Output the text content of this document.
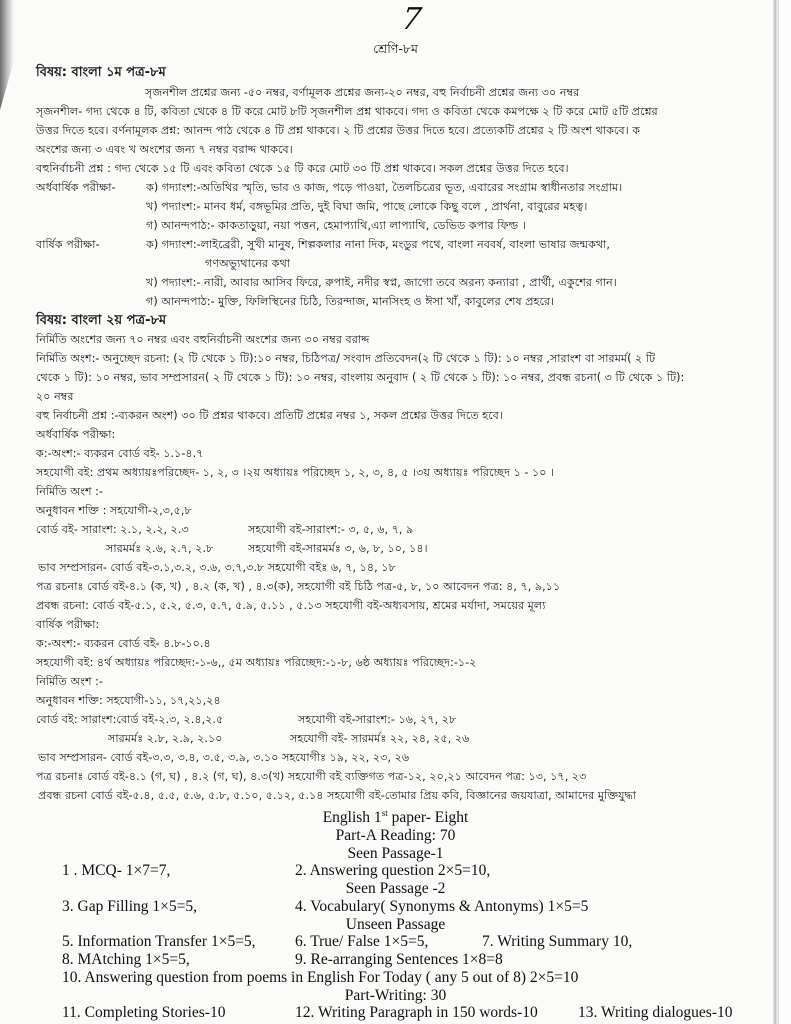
7
শ্রেণি-৮ম
বিষয়: বাংলা ১ম পত্র-৮ম
সৃজনশীল প্রশ্নের জন্য -৫০ নম্বর, বর্ণামূলক প্রশ্নের জন্য-২০ নম্বর, বহু নির্বাচনী প্রশ্নের জন্য ৩০ নম্বর
সৃজনশীল- গদ্য থেকে ৪ টি, কবিতা থেকে ৪ টি করে মোট ৮টি সৃজনশীল প্রশ্ন থাকবে। গদ্য ও কবিতা থেকে কমপক্ষে ২ টি করে মোট ৫টি প্রশ্নের
উত্তর দিতে হবে। বর্ণনামূলক প্রশ্ন: আনন্দ পাঠ থেকে ৪ টি প্রশ্ন থাকবে। ২ টি প্রশ্নের উত্তর দিতে হবে। প্রত্যেকটি প্রশ্নের ২ টি অংশ থাকবে। ক
অংশের জন্য ৩ এবং খ অংশের জন্য ৭ নম্বর বরাদ্দ থাকবে।
বহুনির্বাচনী প্রশ্ন : গদ্য থেকে ১৫ টি এবং কবিতা থেকে ১৫ টি করে মোট ৩০ টি প্রশ্ন থাকবে। সকল প্রশ্নের উত্তর দিতে হবে।
অর্ধবার্ষিক পরীক্ষা-	ক) গদ্যাংশ:-অতিথির স্মৃতি, ভাব ও কাজ, পড়ে পাওয়া, তৈলচিত্রের ভূত, এবারের সংগ্রাম স্বাধীনতার সংগ্রাম।
খ) পদ্যাংশ:- মানব ধর্ম, বঙ্গভূমির প্রতি, দুই বিঘা জমি, পাছে লোকে কিছু বলে , প্রার্থনা, বাবুরের মহত্ব।
গ) আনন্দপাঠ:- কাকতাড়ুয়া, নয়া পত্তন, হেমাপ্যাথি,এ্যা লাপ্যাথি, ডেভিড কপার ফিল্ড ।
বার্ষিক পরীক্ষা-	ক) গদ্যাংশ:-লাইব্রেরী, সুখী মানুষ, শিল্পকলার নানা দিক, মংডুর পথে, বাংলা নববর্ষ, বাংলা ভাষার জন্মকথা,
গণঅভ্যুথানের কথা
খ) পদ্যাংশ:- নারী, আবার আসিব ফিরে, রুপাই, নদীর স্বপ্ন, জাগো তবে অরন্য কন্যারা , প্রার্থী, একুশের গান।
গ) আনন্দপাঠ:- মুক্তি, ফিলিস্থিনের চিঠি, তিরন্দাজ, মানসিংহ ও ঈসা খাঁ, কাবুলের শেষ প্রহরে।
বিষয়: বাংলা ২য় পত্র-৮ম
নির্মিতি অংশের জন্য ৭০ নম্বর এবং বহুনির্বাচনী অংশের জন্য ৩০ নম্বর বরাদ্দ
নির্মিতি অংশ:- অনুচ্ছেদ রচনা: (২ টি থেকে ১ টি):১০ নম্বর, চিঠিপত্র/ সংবাদ প্রতিবেদন(২ টি থেকে ১ টি): ১০ নম্বর ,সারাংশ বা সারমর্ম( ২ টি
থেকে ১ টি): ১০ নম্বর, ভাব সম্প্রসারন( ২ টি থেকে ১ টি): ১০ নম্বর, বাংলায় অনুবাদ ( ২ টি থেকে ১ টি): ১০ নম্বর, প্রবন্ধ রচনা( ৩ টি থেকে ১ টি):
২০ নম্বর
বহু নির্বাচনী প্রশ্ন :-ব্যকরন অংশ) ৩০ টি প্রশ্নর থাকবে। প্রতিটি প্রশ্নের নম্বর ১, সকল প্রশ্নের উত্তর দিতে হবে।
অর্ধবার্ষিক পরীক্ষা:
ক:-অংশ:- ব্যকরন বোর্ড বই- ১.১-৪.৭
সহযোগী বই: প্রথম অধ্যায়ঃপরিচ্ছেদ- ১, ২, ৩ ।২য় অধ্যায়ঃ পরিচ্ছেদ ১, ২, ৩, ৪, ৫ ।৩য় অধ্যায়ঃ পরিচ্ছেদ ১ - ১০ ।
নির্মিতি অংশ :-
অনুধাবন শক্তি : সহযোগী-২,৩,৫,৮
বোর্ড বই- সারাংশ: ২.১, ২.২, ২.৩	সহযোগী বই-সারাংশ:- ৩, ৫, ৬, ৭, ৯
সারমর্মঃ ২.৬, ২.৭, ২.৮	সহযোগী বই-সারমর্মঃ ৩, ৬, ৮, ১০, ১৪।
ভাব সম্প্রসারন- বোর্ড বই-৩.১,৩.২, ৩.৬, ৩.৭,৩.৮ সহযোগী বইঃ ৬, ৭, ১৪, ১৮
পত্র রচনাঃ বোর্ড বই-৪.১ (ক, খ) , ৪.২ (ক, খ) , ৪.৩(ক), সহযোগী বই চিঠি পত্র-৫, ৮, ১০ আবেদন পত্র: ৪, ৭, ৯,১১
প্রবন্ধ রচনা: বোর্ড বই-৫.১, ৫.২, ৫.৩, ৫.৭, ৫.৯, ৫.১১ , ৫.১৩ সহযোগী বই-অধ্যবসায়, শ্রমের মর্যাদা, সময়ের মূল্য
বার্ষিক পরীক্ষা:
ক:-অংশ:- ব্যকরন বোর্ড বই- ৪.৮-১০.৪
সহযোগী বই: ৪র্থ অধ্যায়ঃ পরিচ্ছেদ:-১-৬,, ৫ম অধ্যায়ঃ পরিচ্ছেদ:-১-৮, ৬ষ্ঠ অধ্যায়ঃ পরিচ্ছেদ:-১-২
নির্মিতি অংশ :-
অনুধাবন শক্তি: সহযোগী-১১, ১৭,২১,২৪
বোর্ড বই: সারাংশ:বোর্ড বই-২.৩, ২.৪,২.৫	সহযোগী বই-সারাংশ:- ১৬, ২৭, ২৮
সারমর্মঃ ২.৮, ২.৯, ২.১০	সহযোগী বই- সারমর্মঃ ২২, ২৪, ২৫, ২৬
ভাব সম্প্রসারন- বোর্ড বই-৩.৩, ৩.৪, ৩.৫, ৩.৯, ৩.১০ সহযোগীঃ ১৯, ২২, ২৩, ২৬
পত্র রচনাঃ বোর্ড বই-৪.১ (গ, ঘ) , ৪.২ (গ, ঘ), ৪.৩(খ) সহযোগী বই ব্যক্তিগত পত্র-১২, ২০,২১ আবেদন পত্র: ১৩, ১৭, ২৩
প্রবন্ধ রচনা বোর্ড বই-৫.৪, ৫.৫, ৫.৬, ৫.৮, ৫.১০, ৫.১২, ৫.১৪ সহযোগী বই-তোমার প্রিয় কবি, বিজ্ঞানের জয়যাত্রা, আমাদের মুক্তিযুদ্ধা
English 1st paper- Eight
Part-A Reading: 70
Seen Passage-1
1 . MCQ- 1×7=7,	2. Answering question 2×5=10,
Seen Passage -2
3. Gap Filling 1×5=5,	4. Vocabulary( Synonyms & Antonyms) 1×5=5
Unseen Passage
5. Information Transfer 1×5=5,	6. True/ False 1×5=5,	7. Writing Summary 10,
8. MAtching 1×5=5,	9. Re-arranging Sentences 1×8=8
10. Answering question from poems in English For Today ( any 5 out of 8) 2×5=10
Part-Writing: 30
11. Completing Stories-10	12. Writing Paragraph in 150 words-10	13. Writing dialogues-10
